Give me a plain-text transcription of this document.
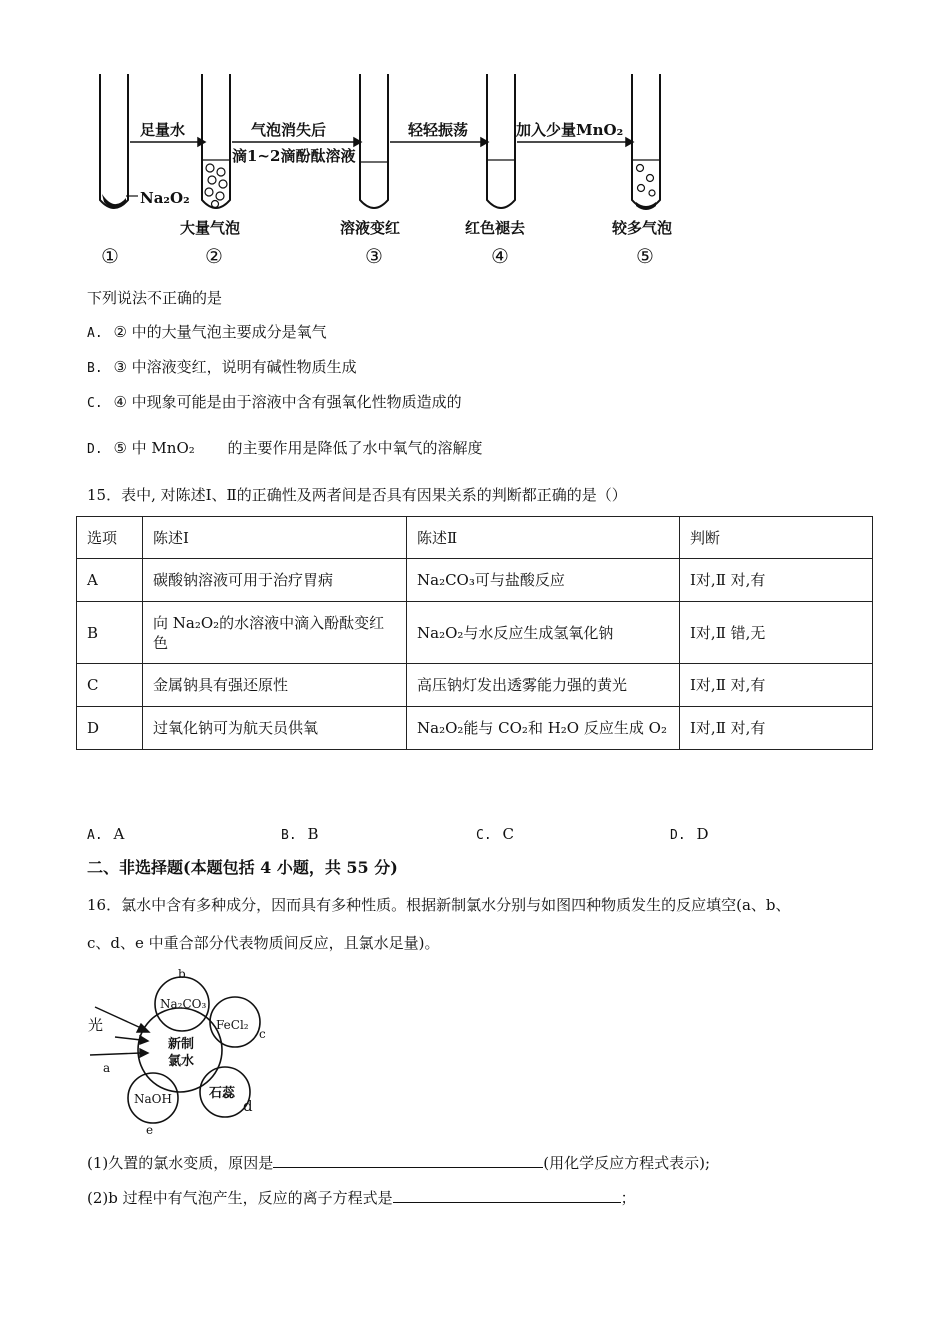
足量水	气泡消失后
滴1~2滴酚酞溶液
轻轻振荡	加入少量MnO₂
Na₂O₂
大量气泡	溶液变红	红色褪去	较多气泡
①	②	③	④	⑤
下列说法不正确的是
A. ② 中的大量气泡主要成分是氧气
B. ③ 中溶液变红，说明有碱性物质生成
C. ④ 中现象可能是由于溶液中含有强氧化性物质造成的
D. ⑤ 中 MnO₂ 的主要作用是降低了水中氧气的溶解度
15．表中, 对陈述Ⅰ、Ⅱ的正确性及两者间是否具有因果关系的判断都正确的是（）
选项	陈述Ⅰ	陈述Ⅱ	判断
A	碳酸钠溶液可用于治疗胃病	Na₂CO₃可与盐酸反应	Ⅰ对,Ⅱ 对,有
B	向 Na₂O₂的水溶液中滴入酚酞变红色	Na₂O₂与水反应生成氢氧化钠	Ⅰ对,Ⅱ 错,无
C	金属钠具有强还原性	高压钠灯发出透雾能力强的黄光	Ⅰ对,Ⅱ 对,有
D	过氧化钠可为航天员供氧	Na₂O₂能与 CO₂和 H₂O 反应生成 O₂	Ⅰ对,Ⅱ 对,有
A. A	B. B	C. C	D. D
二、非选择题(本题包括 4 小题，共 55 分)
16．氯水中含有多种成分，因而具有多种性质。根据新制氯水分别与如图四种物质发生的反应填空(a、b、
c、d、e 中重合部分代表物质间反应，且氯水足量)。
b
Na₂CO₃
FeCl₂
c
光
新制
氯水
a
石蕊
NaOH	d
e
(1)久置的氯水变质，原因是	(用化学反应方程式表示);
(2)b 过程中有气泡产生，反应的离子方程式是	；
